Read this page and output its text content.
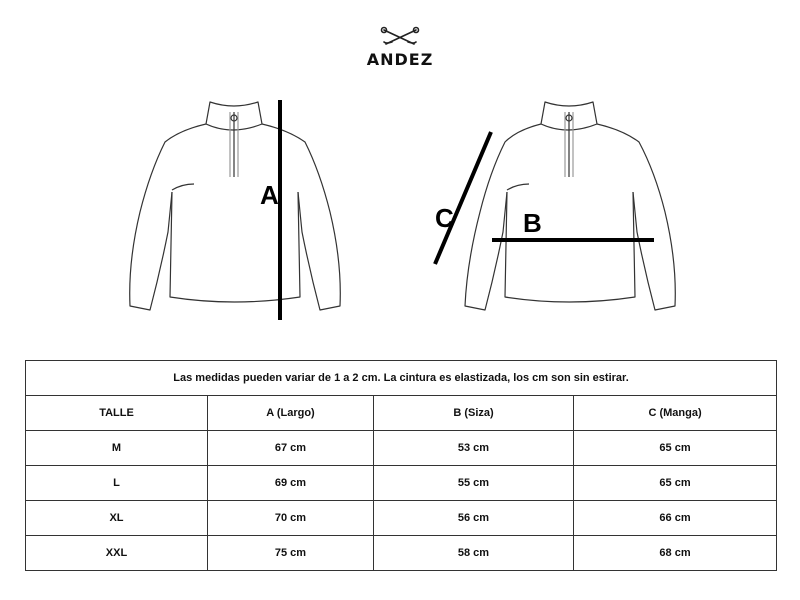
ANDEZ
A
C	B
Las medidas pueden variar de 1 a 2 cm. La cintura es elastizada, los cm son sin estirar.			
TALLE	A (Largo)	B (Siza)	C (Manga)
M	67 cm	53 cm	65 cm
L	69 cm	55 cm	65 cm
XL	70 cm	56 cm	66 cm
XXL	75 cm	58 cm	68 cm
